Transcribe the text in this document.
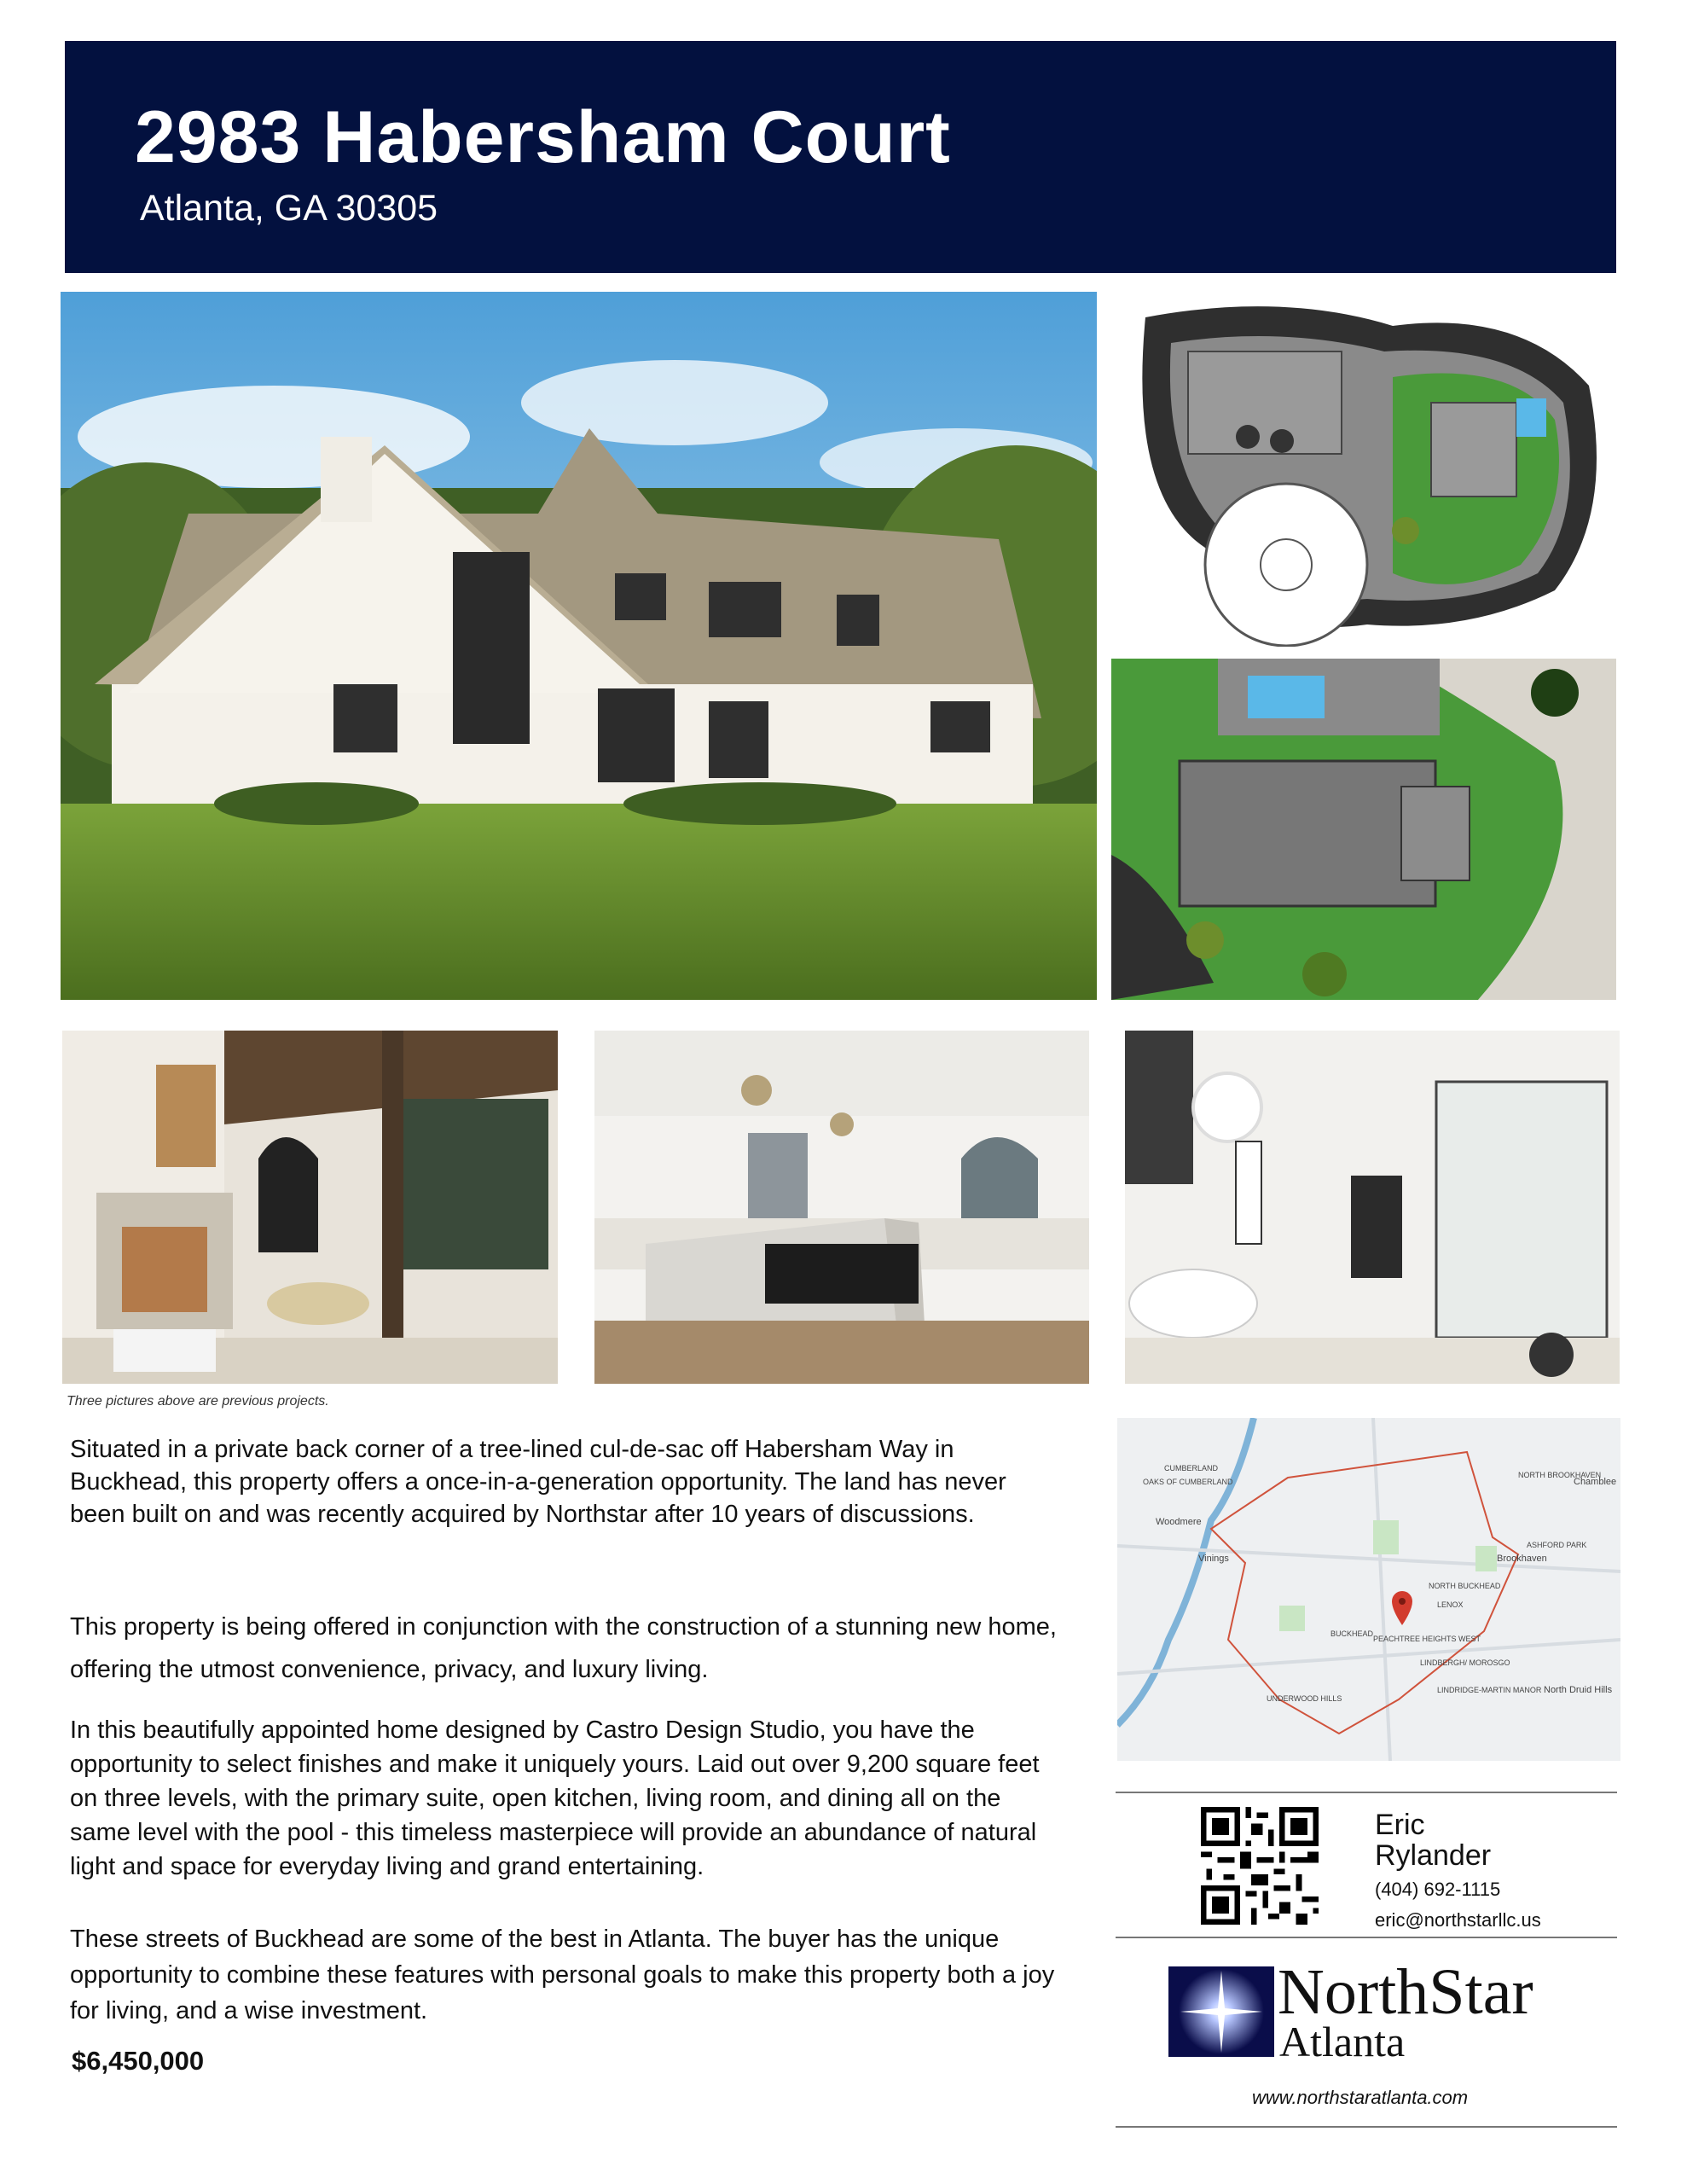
2983 Habersham Court

Atlanta, GA 30305

Three pictures above are previous projects.

CUMBERLAND
OAKS OF CUMBERLAND
Woodmere
Vinings
NORTH BROOKHAVEN
Chamblee
ASHFORD PARK
Brookhaven
NORTH BUCKHEAD
LENOX
BUCKHEAD
PEACHTREE HEIGHTS WEST
LINDBERGH/ MOROSGO
LINDRIDGE-MARTIN MANOR
UNDERWOOD HILLS
North Druid Hills

Situated in a private back corner of a tree-lined cul-de-sac off Habersham Way in Buckhead, this property offers a once-in-a-generation opportunity. The land has never been built on and was recently acquired by Northstar after 10 years of discussions.

This property is being offered in conjunction with the construction of a stunning new home, offering the utmost convenience, privacy, and luxury living.

In this beautifully appointed home designed by Castro Design Studio, you have the opportunity to select finishes and make it uniquely yours. Laid out over 9,200 square feet on three levels, with the primary suite, open kitchen, living room, and dining all on the same level with the pool - this timeless masterpiece will provide an abundance of natural light and space for everyday living and grand entertaining.

These streets of Buckhead are some of the best in Atlanta. The buyer has the unique opportunity to combine these features with personal goals to make this property both a joy for living, and a wise investment.

$6,450,000

Eric

Rylander

(404) 692-1115

eric@northstarllc.us

NorthStar

Atlanta

www.northstaratlanta.com
